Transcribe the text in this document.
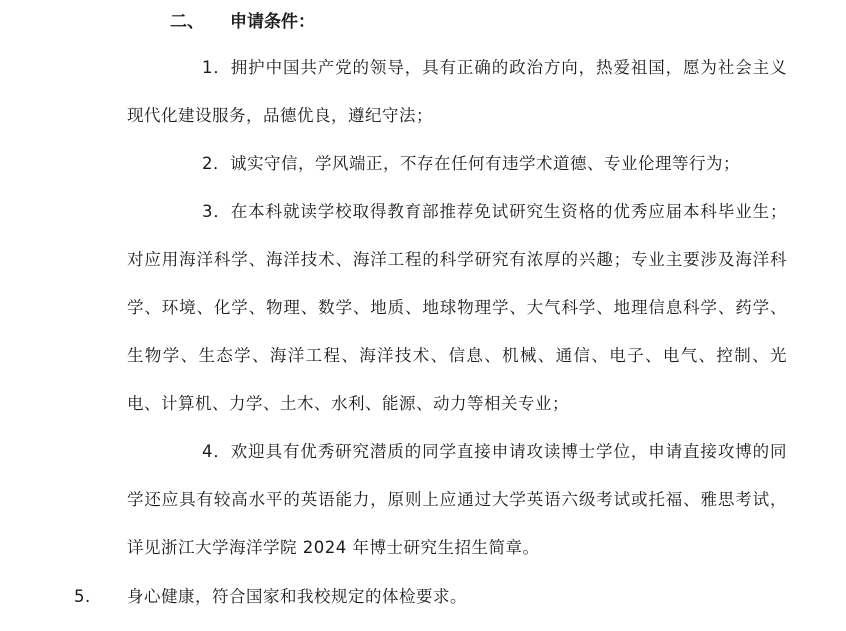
二、 申请条件：
1．拥护中国共产党的领导，具有正确的政治方向，热爱祖国，愿为社会主义现代化建设服务，品德优良，遵纪守法；
2．诚实守信，学风端正，不存在任何有违学术道德、专业伦理等行为；
3．在本科就读学校取得教育部推荐免试研究生资格的优秀应届本科毕业生；对应用海洋科学、海洋技术、海洋工程的科学研究有浓厚的兴趣；专业主要涉及海洋科学、环境、化学、物理、数学、地质、地球物理学、大气科学、地理信息科学、药学、生物学、生态学、海洋工程、海洋技术、信息、机械、通信、电子、电气、控制、光电、计算机、力学、土木、水利、能源、动力等相关专业；
4．欢迎具有优秀研究潜质的同学直接申请攻读博士学位，申请直接攻博的同学还应具有较高水平的英语能力，原则上应通过大学英语六级考试或托福、雅思考试，详见浙江大学海洋学院 2024 年博士研究生招生简章。
5. 身心健康，符合国家和我校规定的体检要求。
